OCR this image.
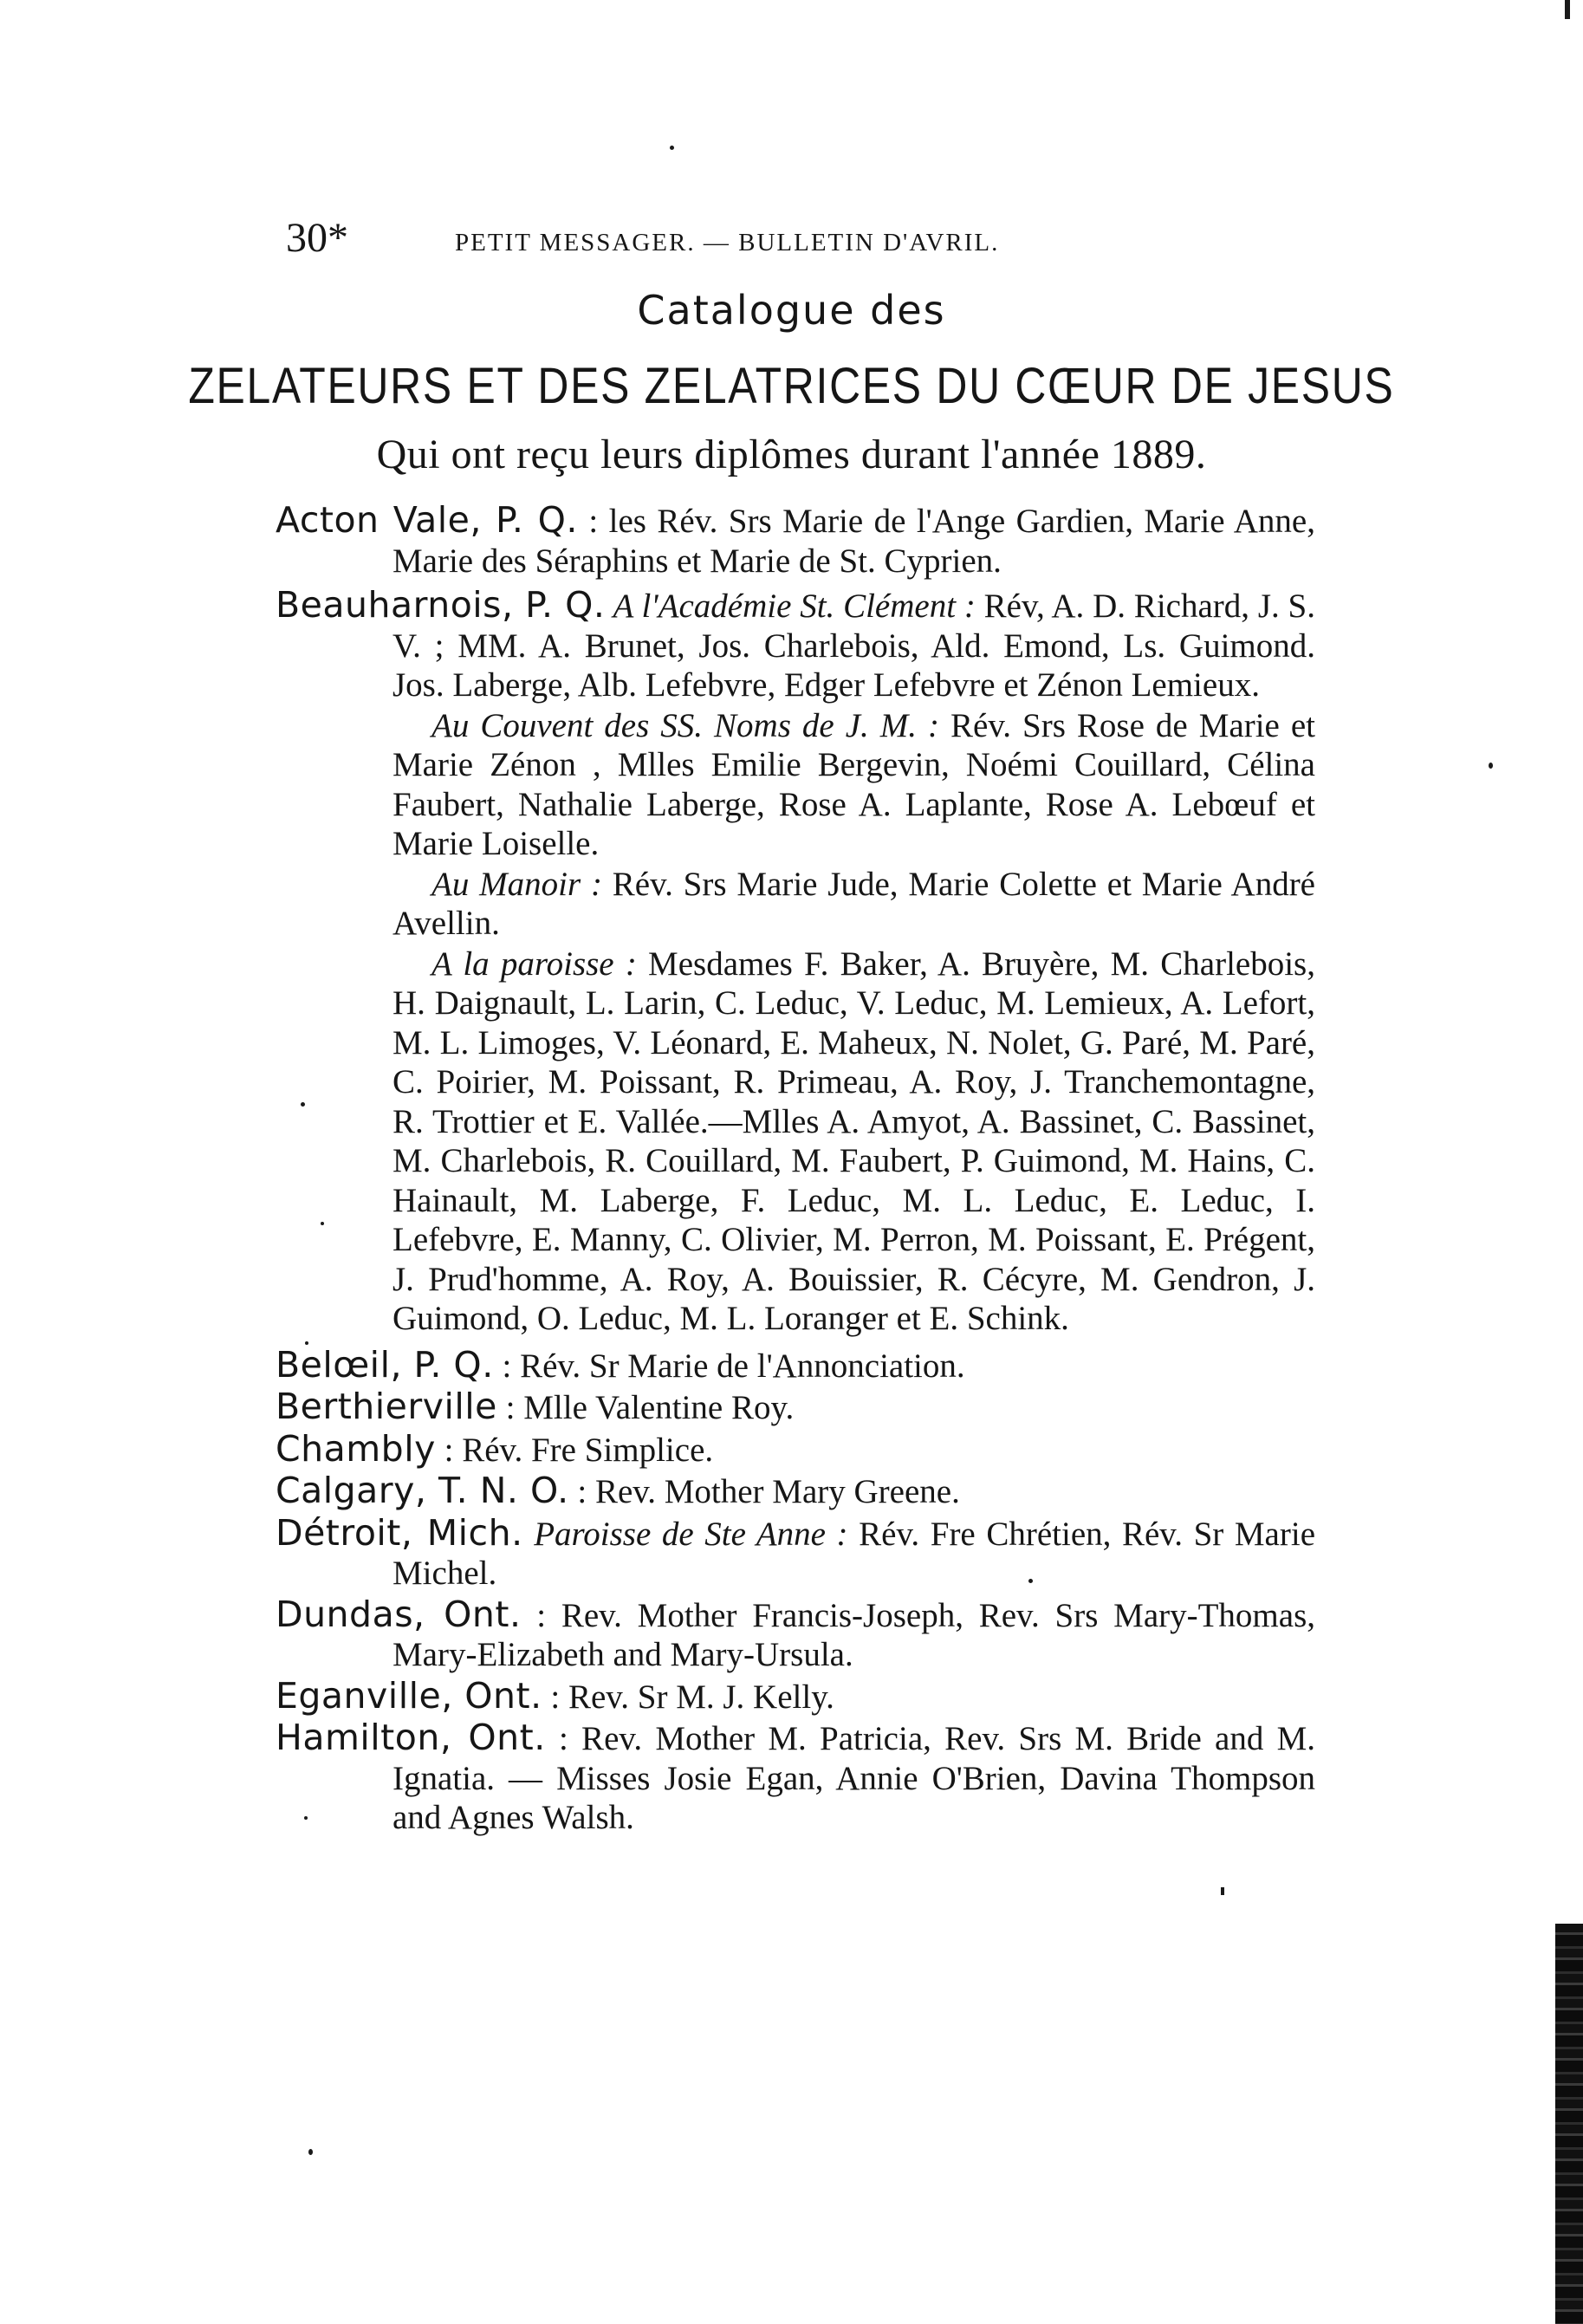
30*	PETIT MESSAGER. — BULLETIN D'AVRIL.
Catalogue des
ZELATEURS ET DES ZELATRICES DU CŒUR DE JESUS
Qui ont reçu leurs diplômes durant l'année 1889.

Acton Vale, P. Q. : les Rév. Srs Marie de l'Ange Gardien, Marie Anne, Marie des Séraphins et Marie de St. Cyprien.

Beauharnois, P. Q. A l'Académie St. Clément : Rév, A. D. Richard, J. S. V. ; MM. A. Brunet, Jos. Charlebois, Ald. Emond, Ls. Guimond. Jos. Laberge, Alb. Lefebvre, Edger Lefebvre et Zénon Lemieux.

Au Couvent des SS. Noms de J. M. : Rév. Srs Rose de Marie et Marie Zénon , Mlles Emilie Bergevin, Noémi Couillard, Célina Faubert, Nathalie Laberge, Rose A. Laplante, Rose A. Lebœuf et Marie Loiselle.

Au Manoir : Rév. Srs Marie Jude, Marie Colette et Marie André Avellin.

A la paroisse : Mesdames F. Baker, A. Bruyère, M. Charlebois, H. Daignault, L. Larin, C. Leduc, V. Leduc, M. Lemieux, A. Lefort, M. L. Limoges, V. Léonard, E. Maheux, N. Nolet, G. Paré, M. Paré, C. Poirier, M. Poissant, R. Primeau, A. Roy, J. Tranchemontagne, R. Trottier et E. Vallée.—Mlles A. Amyot, A. Bassinet, C. Bassinet, M. Charlebois, R. Couillard, M. Faubert, P. Guimond, M. Hains, C. Hainault, M. Laberge, F. Leduc, M. L. Leduc, E. Leduc, I. Lefebvre, E. Manny, C. Olivier, M. Perron, M. Poissant, E. Prégent, J. Prud'homme, A. Roy, A. Bouissier, R. Cécyre, M. Gendron, J. Guimond, O. Leduc, M. L. Loranger et E. Schink.

Belœil, P. Q. : Rév. Sr Marie de l'Annonciation.

Berthierville : Mlle Valentine Roy.

Chambly : Rév. Fre Simplice.

Calgary, T. N. O. : Rev. Mother Mary Greene.

Détroit, Mich. Paroisse de Ste Anne : Rév. Fre Chrétien, Rév. Sr Marie Michel.

Dundas, Ont. : Rev. Mother Francis-Joseph, Rev. Srs Mary-Thomas, Mary-Elizabeth and Mary-Ursula.

Eganville, Ont. : Rev. Sr M. J. Kelly.

Hamilton, Ont. : Rev. Mother M. Patricia, Rev. Srs M. Bride and M. Ignatia. — Misses Josie Egan, Annie O'Brien, Davina Thompson and Agnes Walsh.
